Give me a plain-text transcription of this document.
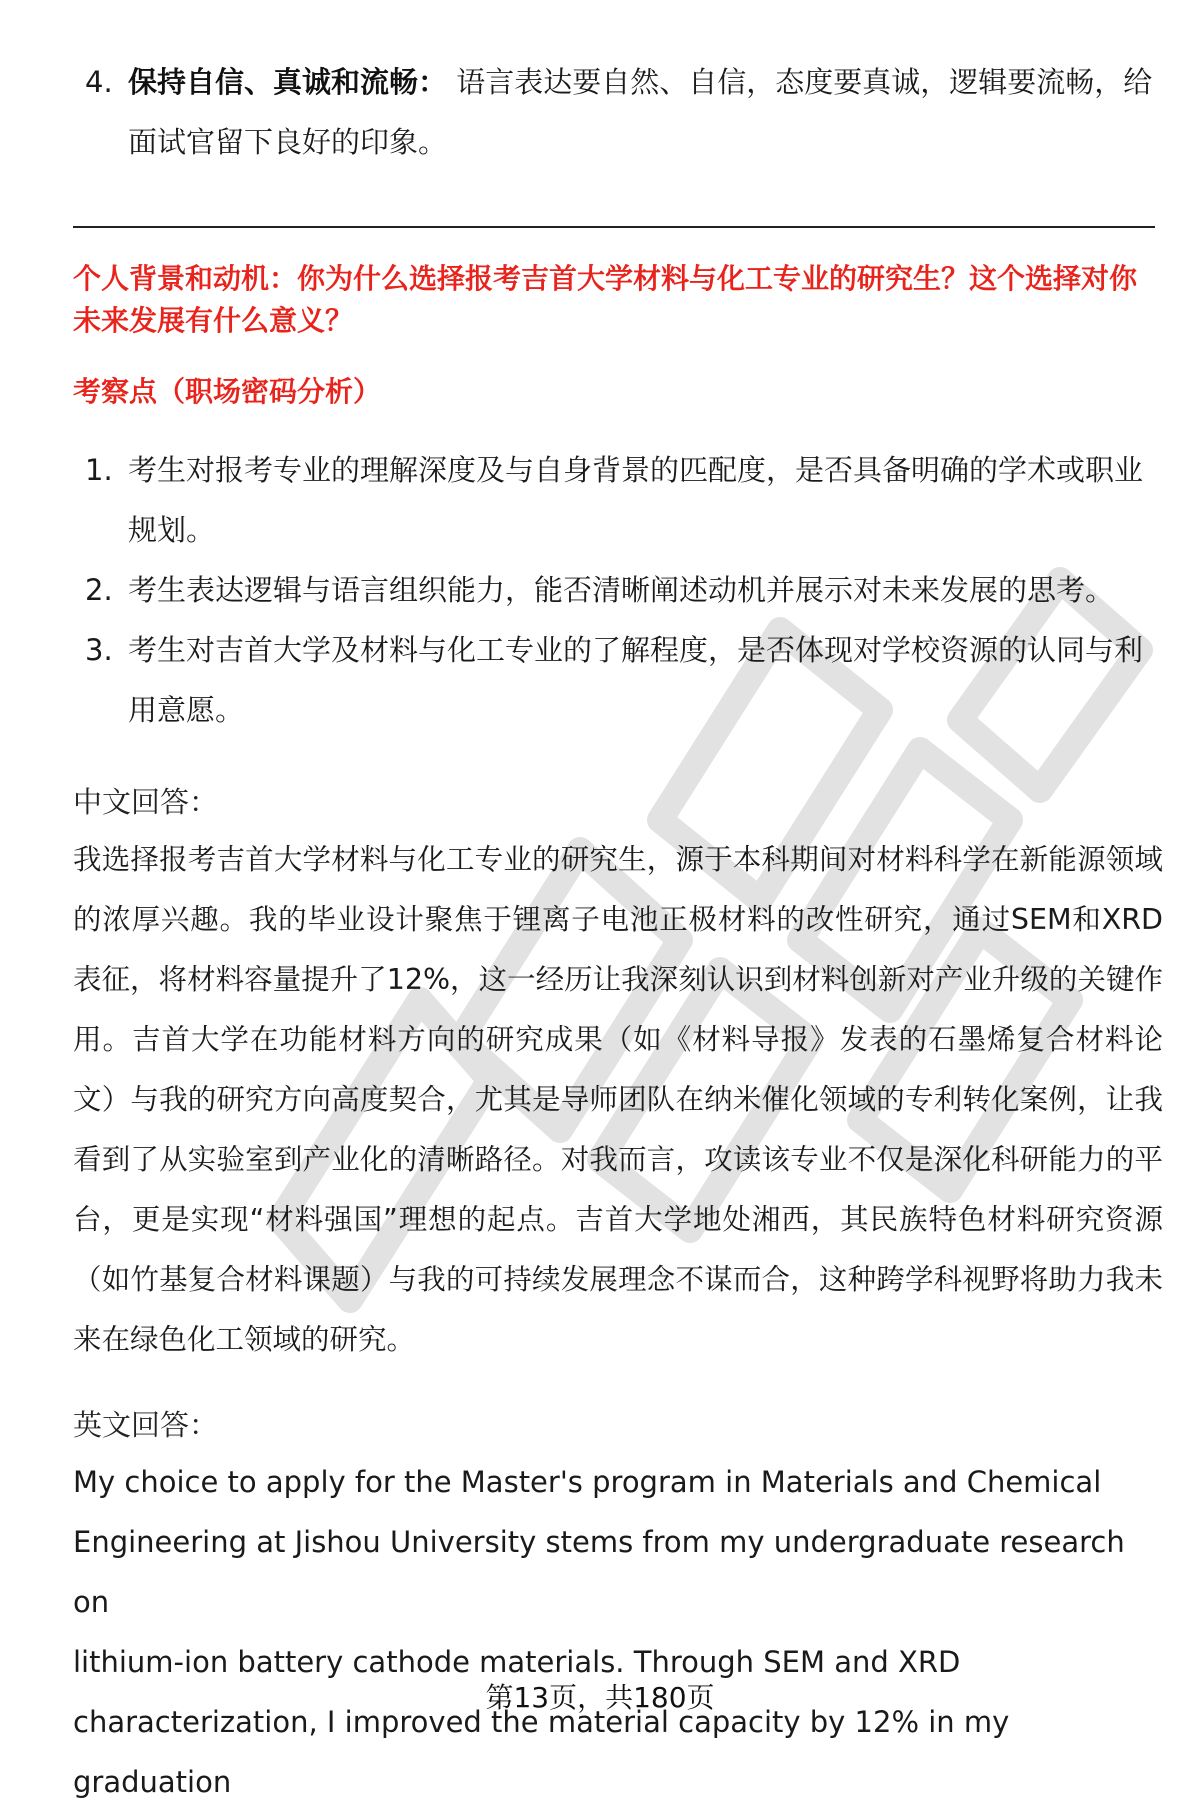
4. 保持自信、真诚和流畅： 语言表达要自然、自信，态度要真诚，逻辑要流畅，给面试官留下良好的印象。
个人背景和动机：你为什么选择报考吉首大学材料与化工专业的研究生？这个选择对你未来发展有什么意义？
考察点（职场密码分析）
1. 考生对报考专业的理解深度及与自身背景的匹配度，是否具备明确的学术或职业规划。
2. 考生表达逻辑与语言组织能力，能否清晰阐述动机并展示对未来发展的思考。
3. 考生对吉首大学及材料与化工专业的了解程度，是否体现对学校资源的认同与利用意愿。
中文回答：
我选择报考吉首大学材料与化工专业的研究生，源于本科期间对材料科学在新能源领域的浓厚兴趣。我的毕业设计聚焦于锂离子电池正极材料的改性研究，通过SEM和XRD表征，将材料容量提升了12%，这一经历让我深刻认识到材料创新对产业升级的关键作用。吉首大学在功能材料方向的研究成果（如《材料导报》发表的石墨烯复合材料论文）与我的研究方向高度契合，尤其是导师团队在纳米催化领域的专利转化案例，让我看到了从实验室到产业化的清晰路径。对我而言，攻读该专业不仅是深化科研能力的平台，更是实现“材料强国”理想的起点。吉首大学地处湘西，其民族特色材料研究资源（如竹基复合材料课题）与我的可持续发展理念不谋而合，这种跨学科视野将助力我未来在绿色化工领域的研究。
英文回答：
My choice to apply for the Master's program in Materials and Chemical
Engineering at Jishou University stems from my undergraduate research on
lithium-ion battery cathode materials. Through SEM and XRD
characterization, I improved the material capacity by 12% in my graduation
第13页，共180页
